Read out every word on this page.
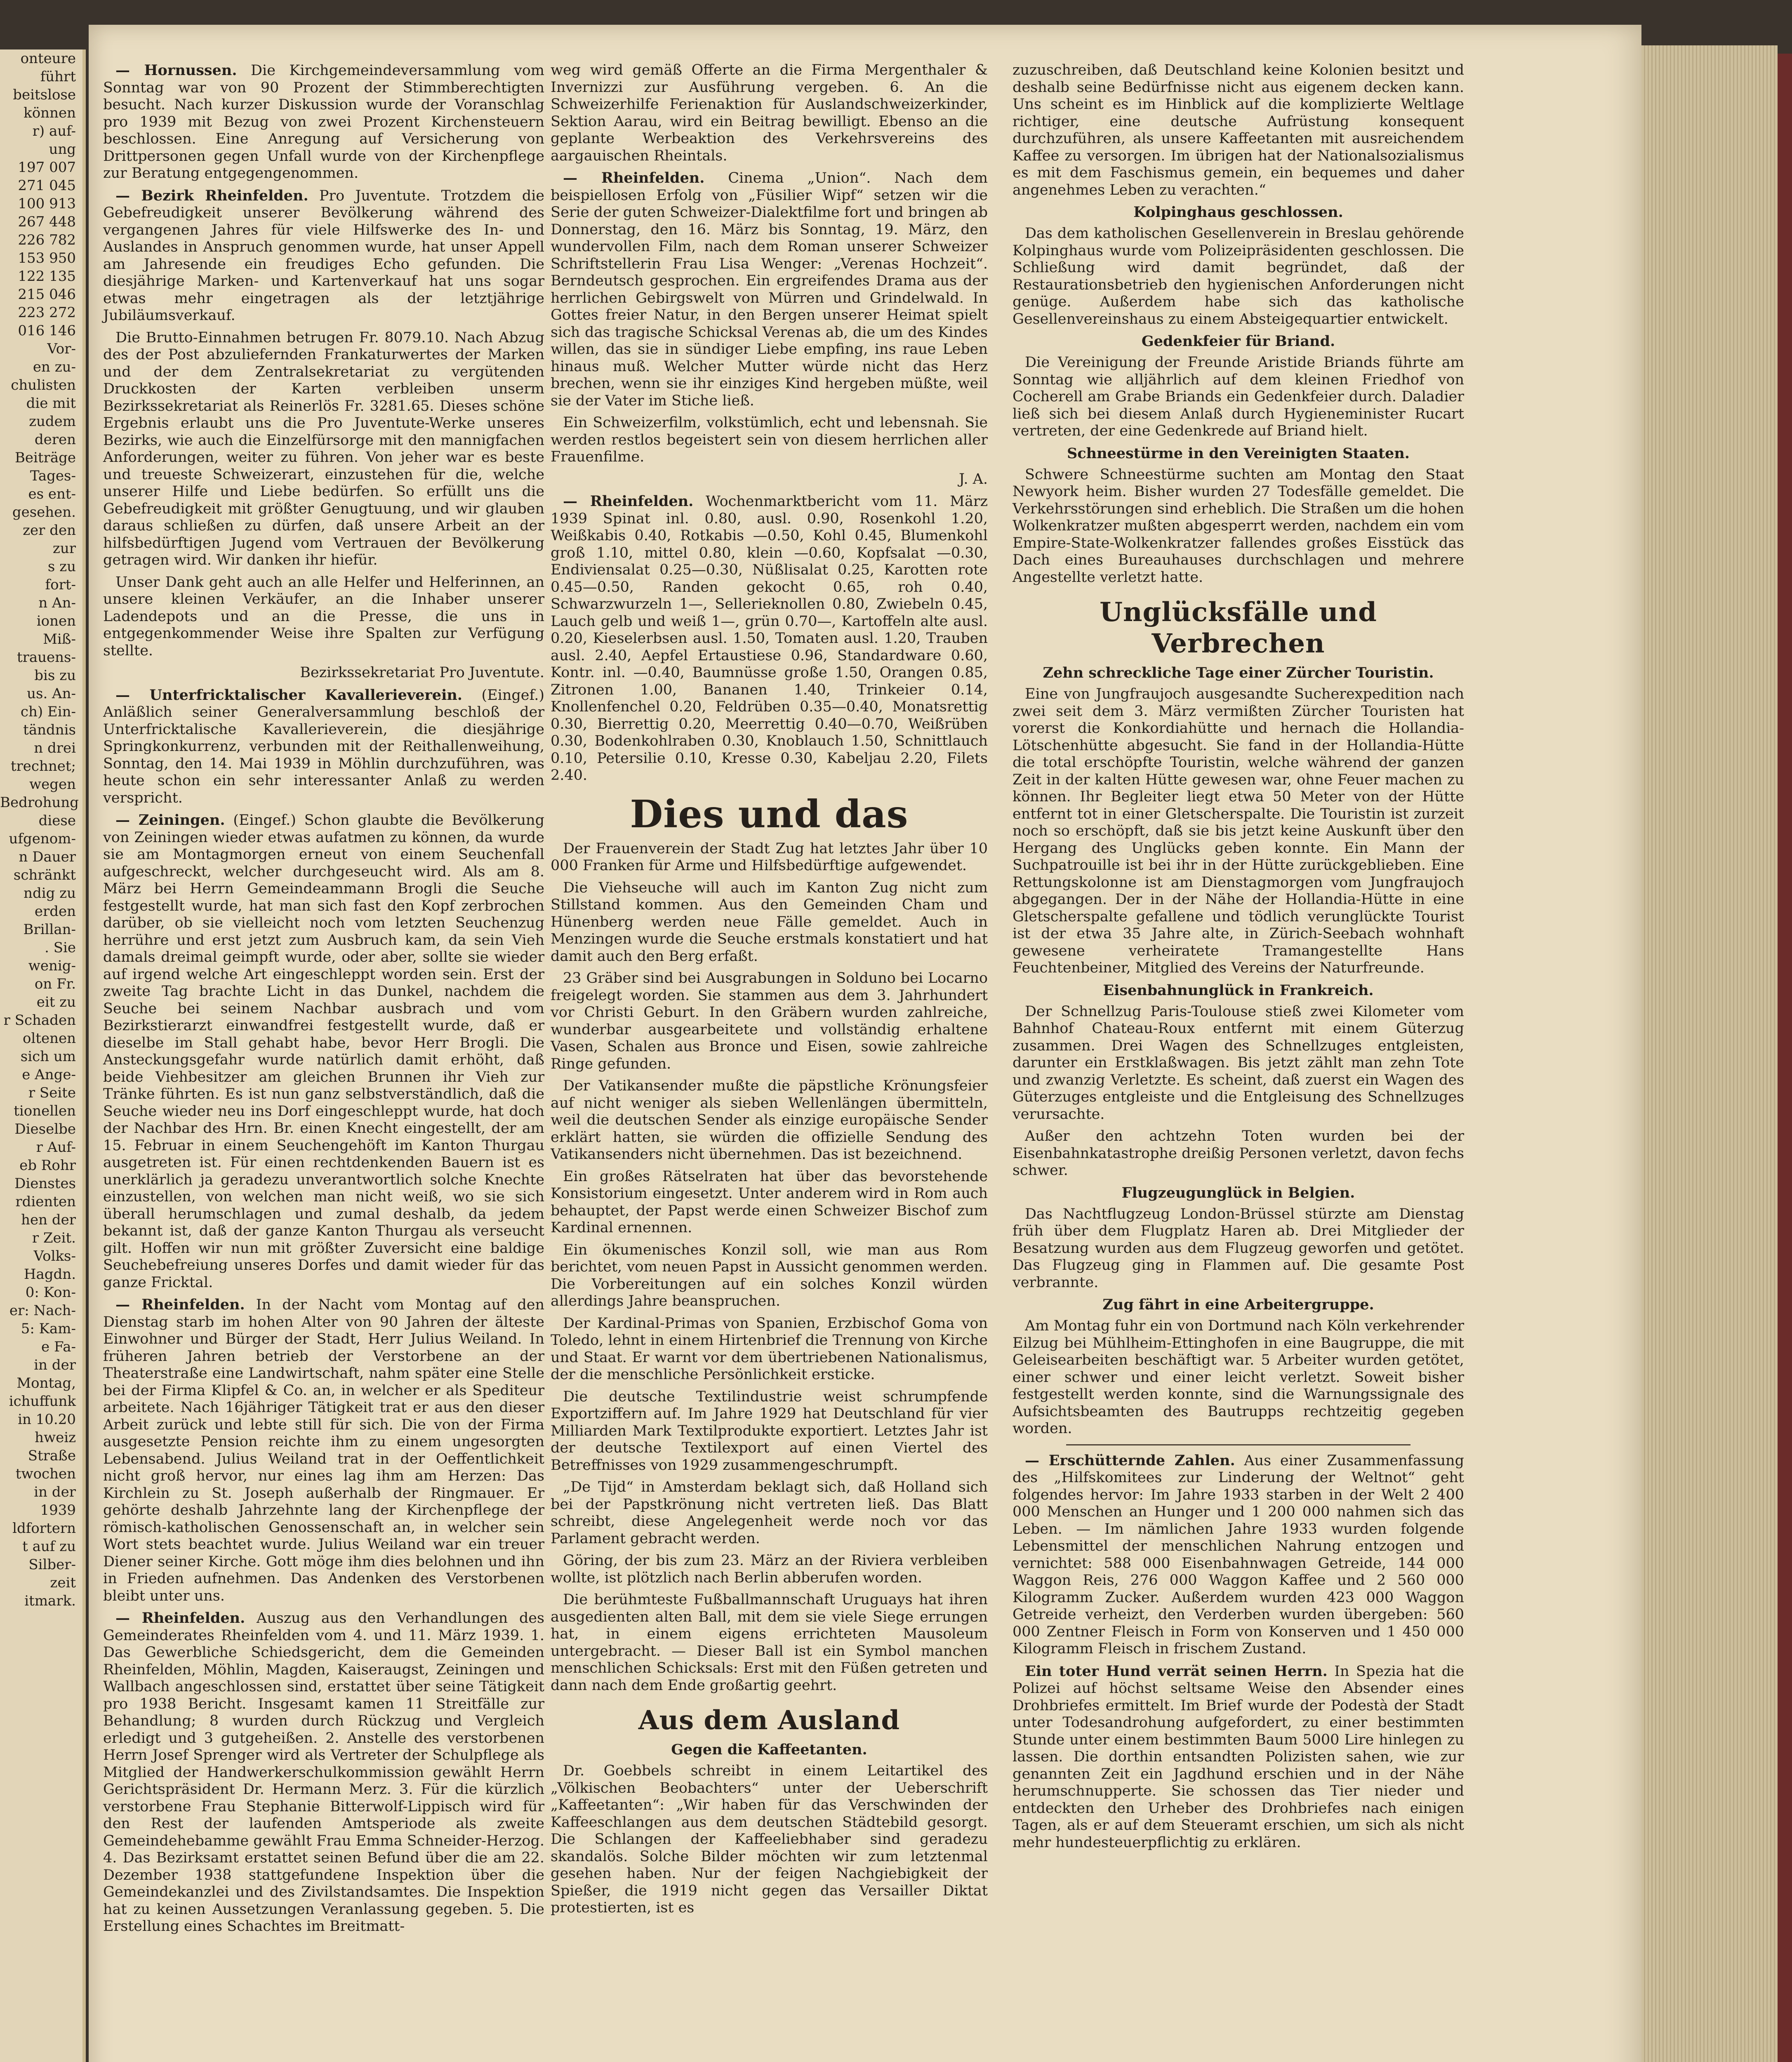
onteure
führt
beitslose
können
r) auf-
ung
197 007
271 045
100 913
267 448
226 782
153 950
122 135
215 046
223 272
016 146
Vor-
en zu-
chulisten
die mit
zudem
deren
Beiträge
Tages-
es ent-
gesehen.
zer den
zur
s zu
fort-
n An-
ionen
Miß-
trauens-
bis zu
us. An-
ch) Ein-
tändnis
n drei
trechnet;
wegen
Bedrohung
diese
ufgenom-
n Dauer
schränkt
ndig zu
erden
Brillan-
. Sie
wenig-
on Fr.
eit zu
r Schaden
oltenen
sich um
e Ange-
r Seite
tionellen
Dieselbe
r Auf-
eb Rohr
Dienstes
rdienten
hen der
r Zeit.
Volks-
Hagdn.
0: Kon-
er: Nach-
5: Kam-
e Fa-
in der
Montag,
ichuffunk
in 10.20
hweiz
Straße
twochen
in der
1939
ldfortern
t auf zu
Silber-
zeit
itmark.

— Hornussen. Die Kirchgemeindeversammlung vom Sonntag war von 90 Prozent der Stimmberechtigten besucht. Nach kurzer Diskussion wurde der Voranschlag pro 1939 mit Bezug von zwei Prozent Kirchensteuern beschlossen. Eine Anregung auf Versicherung von Drittpersonen gegen Unfall wurde von der Kirchenpflege zur Beratung entgegengenommen.

— Bezirk Rheinfelden. Pro Juventute. Trotzdem die Gebefreudigkeit unserer Bevölkerung während des vergangenen Jahres für viele Hilfswerke des In- und Auslandes in Anspruch genommen wurde, hat unser Appell am Jahresende ein freudiges Echo gefunden. Die diesjährige Marken- und Kartenverkauf hat uns sogar etwas mehr eingetragen als der letztjährige Jubiläumsverkauf.

Die Brutto-Einnahmen betrugen Fr. 8079.10. Nach Abzug des der Post abzuliefernden Frankaturwertes der Marken und der dem Zentralsekretariat zu vergütenden Druckkosten der Karten verbleiben unserm Bezirkssekretariat als Reinerlös Fr. 3281.65. Dieses schöne Ergebnis erlaubt uns die Pro Juventute-Werke unseres Bezirks, wie auch die Einzelfürsorge mit den mannigfachen Anforderungen, weiter zu führen. Von jeher war es beste und treueste Schweizerart, einzustehen für die, welche unserer Hilfe und Liebe bedürfen. So erfüllt uns die Gebefreudigkeit mit größter Genugtuung, und wir glauben daraus schließen zu dürfen, daß unsere Arbeit an der hilfsbedürftigen Jugend vom Vertrauen der Bevölkerung getragen wird. Wir danken ihr hiefür.

Unser Dank geht auch an alle Helfer und Helferinnen, an unsere kleinen Verkäufer, an die Inhaber unserer Ladendepots und an die Presse, die uns in entgegenkommender Weise ihre Spalten zur Verfügung stellte.

Bezirkssekretariat Pro Juventute.

— Unterfricktalischer Kavallerieverein. (Eingef.) Anläßlich seiner Generalversammlung beschloß der Unterfricktalische Kavallerieverein, die diesjährige Springkonkurrenz, verbunden mit der Reithallenweihung, Sonntag, den 14. Mai 1939 in Möhlin durchzuführen, was heute schon ein sehr interessanter Anlaß zu werden verspricht.

— Zeiningen. (Eingef.) Schon glaubte die Bevölkerung von Zeiningen wieder etwas aufatmen zu können, da wurde sie am Montagmorgen erneut von einem Seuchenfall aufgeschreckt, welcher durchgeseucht wird. Als am 8. März bei Herrn Gemeindeammann Brogli die Seuche festgestellt wurde, hat man sich fast den Kopf zerbrochen darüber, ob sie vielleicht noch vom letzten Seuchenzug herrühre und erst jetzt zum Ausbruch kam, da sein Vieh damals dreimal geimpft wurde, oder aber, sollte sie wieder auf irgend welche Art eingeschleppt worden sein. Erst der zweite Tag brachte Licht in das Dunkel, nachdem die Seuche bei seinem Nachbar ausbrach und vom Bezirkstierarzt einwandfrei festgestellt wurde, daß er dieselbe im Stall gehabt habe, bevor Herr Brogli. Die Ansteckungsgefahr wurde natürlich damit erhöht, daß beide Viehbesitzer am gleichen Brunnen ihr Vieh zur Tränke führten. Es ist nun ganz selbstverständlich, daß die Seuche wieder neu ins Dorf eingeschleppt wurde, hat doch der Nachbar des Hrn. Br. einen Knecht eingestellt, der am 15. Februar in einem Seuchengehöft im Kanton Thurgau ausgetreten ist. Für einen rechtdenkenden Bauern ist es unerklärlich ja geradezu unverantwortlich solche Knechte einzustellen, von welchen man nicht weiß, wo sie sich überall herumschlagen und zumal deshalb, da jedem bekannt ist, daß der ganze Kanton Thurgau als verseucht gilt. Hoffen wir nun mit größter Zuversicht eine baldige Seuchebefreiung unseres Dorfes und damit wieder für das ganze Fricktal.

— Rheinfelden. In der Nacht vom Montag auf den Dienstag starb im hohen Alter von 90 Jahren der älteste Einwohner und Bürger der Stadt, Herr Julius Weiland. In früheren Jahren betrieb der Verstorbene an der Theaterstraße eine Landwirtschaft, nahm später eine Stelle bei der Firma Klipfel & Co. an, in welcher er als Spediteur arbeitete. Nach 16jähriger Tätigkeit trat er aus den dieser Arbeit zurück und lebte still für sich. Die von der Firma ausgesetzte Pension reichte ihm zu einem ungesorgten Lebensabend. Julius Weiland trat in der Oeffentlichkeit nicht groß hervor, nur eines lag ihm am Herzen: Das Kirchlein zu St. Joseph außerhalb der Ringmauer. Er gehörte deshalb Jahrzehnte lang der Kirchenpflege der römisch-katholischen Genossenschaft an, in welcher sein Wort stets beachtet wurde. Julius Weiland war ein treuer Diener seiner Kirche. Gott möge ihm dies belohnen und ihn in Frieden aufnehmen. Das Andenken des Verstorbenen bleibt unter uns.

— Rheinfelden. Auszug aus den Verhandlungen des Gemeinderates Rheinfelden vom 4. und 11. März 1939. 1. Das Gewerbliche Schiedsgericht, dem die Gemeinden Rheinfelden, Möhlin, Magden, Kaiseraugst, Zeiningen und Wallbach angeschlossen sind, erstattet über seine Tätigkeit pro 1938 Bericht. Insgesamt kamen 11 Streitfälle zur Behandlung; 8 wurden durch Rückzug und Vergleich erledigt und 3 gutgeheißen. 2. Anstelle des verstorbenen Herrn Josef Sprenger wird als Vertreter der Schulpflege als Mitglied der Handwerkerschulkommission gewählt Herrn Gerichtspräsident Dr. Hermann Merz. 3. Für die kürzlich verstorbene Frau Stephanie Bitterwolf-Lippisch wird für den Rest der laufenden Amtsperiode als zweite Gemeindehebamme gewählt Frau Emma Schneider-Herzog. 4. Das Bezirksamt erstattet seinen Befund über die am 22. Dezember 1938 stattgefundene Inspektion über die Gemeindekanzlei und des Zivilstandsamtes. Die Inspektion hat zu keinen Aussetzungen Veranlassung gegeben. 5. Die Erstellung eines Schachtes im Breitmatt-

weg wird gemäß Offerte an die Firma Mergenthaler & Invernizzi zur Ausführung vergeben. 6. An die Schweizerhilfe Ferienaktion für Auslandschweizerkinder, Sektion Aarau, wird ein Beitrag bewilligt. Ebenso an die geplante Werbeaktion des Verkehrsvereins des aargauischen Rheintals.

— Rheinfelden. Cinema „Union“. Nach dem beispiellosen Erfolg von „Füsilier Wipf“ setzen wir die Serie der guten Schweizer-Dialektfilme fort und bringen ab Donnerstag, den 16. März bis Sonntag, 19. März, den wundervollen Film, nach dem Roman unserer Schweizer Schriftstellerin Frau Lisa Wenger: „Verenas Hochzeit“. Berndeutsch gesprochen. Ein ergreifendes Drama aus der herrlichen Gebirgswelt von Mürren und Grindelwald. In Gottes freier Natur, in den Bergen unserer Heimat spielt sich das tragische Schicksal Verenas ab, die um des Kindes willen, das sie in sündiger Liebe empfing, ins raue Leben hinaus muß. Welcher Mutter würde nicht das Herz brechen, wenn sie ihr einziges Kind hergeben müßte, weil sie der Vater im Stiche ließ.

Ein Schweizerfilm, volkstümlich, echt und lebensnah. Sie werden restlos begeistert sein von diesem herrlichen aller Frauenfilme.

J. A.

— Rheinfelden. Wochenmarktbericht vom 11. März 1939 Spinat inl. 0.80, ausl. 0.90, Rosenkohl 1.20, Weißkabis 0.40, Rotkabis —0.50, Kohl 0.45, Blumenkohl groß 1.10, mittel 0.80, klein —0.60, Kopfsalat —0.30, Endiviensalat 0.25—0.30, Nüßlisalat 0.25, Karotten rote 0.45—0.50, Randen gekocht 0.65, roh 0.40, Schwarzwurzeln 1—, Sellerieknollen 0.80, Zwiebeln 0.45, Lauch gelb und weiß 1—, grün 0.70—, Kartoffeln alte ausl. 0.20, Kieselerbsen ausl. 1.50, Tomaten ausl. 1.20, Trauben ausl. 2.40, Aepfel Ertaustiese 0.96, Standardware 0.60, Kontr. inl. —0.40, Baumnüsse große 1.50, Orangen 0.85, Zitronen 1.00, Bananen 1.40, Trinkeier 0.14, Knollenfenchel 0.20, Feldrüben 0.35—0.40, Monatsrettig 0.30, Bierrettig 0.20, Meerrettig 0.40—0.70, Weißrüben 0.30, Bodenkohlraben 0.30, Knoblauch 1.50, Schnittlauch 0.10, Petersilie 0.10, Kresse 0.30, Kabeljau 2.20, Filets 2.40.

Dies und das

Der Frauenverein der Stadt Zug hat letztes Jahr über 10 000 Franken für Arme und Hilfsbedürftige aufgewendet.

Die Viehseuche will auch im Kanton Zug nicht zum Stillstand kommen. Aus den Gemeinden Cham und Hünenberg werden neue Fälle gemeldet. Auch in Menzingen wurde die Seuche erstmals konstatiert und hat damit auch den Berg erfaßt.

23 Gräber sind bei Ausgrabungen in Solduno bei Locarno freigelegt worden. Sie stammen aus dem 3. Jahrhundert vor Christi Geburt. In den Gräbern wurden zahlreiche, wunderbar ausgearbeitete und vollständig erhaltene Vasen, Schalen aus Bronce und Eisen, sowie zahlreiche Ringe gefunden.

Der Vatikansender mußte die päpstliche Krönungsfeier auf nicht weniger als sieben Wellenlängen übermitteln, weil die deutschen Sender als einzige europäische Sender erklärt hatten, sie würden die offizielle Sendung des Vatikansenders nicht übernehmen. Das ist bezeichnend.

Ein großes Rätselraten hat über das bevorstehende Konsistorium eingesetzt. Unter anderem wird in Rom auch behauptet, der Papst werde einen Schweizer Bischof zum Kardinal ernennen.

Ein ökumenisches Konzil soll, wie man aus Rom berichtet, vom neuen Papst in Aussicht genommen werden. Die Vorbereitungen auf ein solches Konzil würden allerdings Jahre beanspruchen.

Der Kardinal-Primas von Spanien, Erzbischof Goma von Toledo, lehnt in einem Hirtenbrief die Trennung von Kirche und Staat. Er warnt vor dem übertriebenen Nationalismus, der die menschliche Persönlichkeit ersticke.

Die deutsche Textilindustrie weist schrumpfende Exportziffern auf. Im Jahre 1929 hat Deutschland für vier Milliarden Mark Textilprodukte exportiert. Letztes Jahr ist der deutsche Textilexport auf einen Viertel des Betreffnisses von 1929 zusammengeschrumpft.

„De Tijd“ in Amsterdam beklagt sich, daß Holland sich bei der Papstkrönung nicht vertreten ließ. Das Blatt schreibt, diese Angelegenheit werde noch vor das Parlament gebracht werden.

Göring, der bis zum 23. März an der Riviera verbleiben wollte, ist plötzlich nach Berlin abberufen worden.

Die berühmteste Fußballmannschaft Uruguays hat ihren ausgedienten alten Ball, mit dem sie viele Siege errungen hat, in einem eigens errichteten Mausoleum untergebracht. — Dieser Ball ist ein Symbol manchen menschlichen Schicksals: Erst mit den Füßen getreten und dann nach dem Ende großartig geehrt.

Aus dem Ausland
Gegen die Kaffeetanten.

Dr. Goebbels schreibt in einem Leitartikel des „Völkischen Beobachters“ unter der Ueberschrift „Kaffeetanten“: „Wir haben für das Verschwinden der Kaffeeschlangen aus dem deutschen Städtebild gesorgt. Die Schlangen der Kaffeeliebhaber sind geradezu skandalös. Solche Bilder möchten wir zum letztenmal gesehen haben. Nur der feigen Nachgiebigkeit der Spießer, die 1919 nicht gegen das Versailler Diktat protestierten, ist es

zuzuschreiben, daß Deutschland keine Kolonien besitzt und deshalb seine Bedürfnisse nicht aus eigenem decken kann. Uns scheint es im Hinblick auf die komplizierte Weltlage richtiger, eine deutsche Aufrüstung konsequent durchzuführen, als unsere Kaffeetanten mit ausreichendem Kaffee zu versorgen. Im übrigen hat der Nationalsozialismus es mit dem Faschismus gemein, ein bequemes und daher angenehmes Leben zu verachten.“

Kolpinghaus geschlossen.

Das dem katholischen Gesellenverein in Breslau gehörende Kolpinghaus wurde vom Polizeipräsidenten geschlossen. Die Schließung wird damit begründet, daß der Restaurationsbetrieb den hygienischen Anforderungen nicht genüge. Außerdem habe sich das katholische Gesellenvereinshaus zu einem Absteigequartier entwickelt.

Gedenkfeier für Briand.

Die Vereinigung der Freunde Aristide Briands führte am Sonntag wie alljährlich auf dem kleinen Friedhof von Cocherell am Grabe Briands ein Gedenkfeier durch. Daladier ließ sich bei diesem Anlaß durch Hygieneminister Rucart vertreten, der eine Gedenkrede auf Briand hielt.

Schneestürme in den Vereinigten Staaten.

Schwere Schneestürme suchten am Montag den Staat Newyork heim. Bisher wurden 27 Todesfälle gemeldet. Die Verkehrsstörungen sind erheblich. Die Straßen um die hohen Wolkenkratzer mußten abgesperrt werden, nachdem ein vom Empire-State-Wolkenkratzer fallendes großes Eisstück das Dach eines Bureauhauses durchschlagen und mehrere Angestellte verletzt hatte.

Unglücksfälle und Verbrechen
Zehn schreckliche Tage einer Zürcher Touristin.

Eine von Jungfraujoch ausgesandte Sucherexpedition nach zwei seit dem 3. März vermißten Zürcher Touristen hat vorerst die Konkordiahütte und hernach die Hollandia-Lötschenhütte abgesucht. Sie fand in der Hollandia-Hütte die total erschöpfte Touristin, welche während der ganzen Zeit in der kalten Hütte gewesen war, ohne Feuer machen zu können. Ihr Begleiter liegt etwa 50 Meter von der Hütte entfernt tot in einer Gletscherspalte. Die Touristin ist zurzeit noch so erschöpft, daß sie bis jetzt keine Auskunft über den Hergang des Unglücks geben konnte. Ein Mann der Suchpatrouille ist bei ihr in der Hütte zurückgeblieben. Eine Rettungskolonne ist am Dienstagmorgen vom Jungfraujoch abgegangen. Der in der Nähe der Hollandia-Hütte in eine Gletscherspalte gefallene und tödlich verunglückte Tourist ist der etwa 35 Jahre alte, in Zürich-Seebach wohnhaft gewesene verheiratete Tramangestellte Hans Feuchtenbeiner, Mitglied des Vereins der Naturfreunde.

Eisenbahnunglück in Frankreich.

Der Schnellzug Paris-Toulouse stieß zwei Kilometer vom Bahnhof Chateau-Roux entfernt mit einem Güterzug zusammen. Drei Wagen des Schnellzuges entgleisten, darunter ein Erstklaßwagen. Bis jetzt zählt man zehn Tote und zwanzig Verletzte. Es scheint, daß zuerst ein Wagen des Güterzuges entgleiste und die Entgleisung des Schnellzuges verursachte.

Außer den achtzehn Toten wurden bei der Eisenbahnkatastrophe dreißig Personen verletzt, davon fechs schwer.

Flugzeugunglück in Belgien.

Das Nachtflugzeug London-Brüssel stürzte am Dienstag früh über dem Flugplatz Haren ab. Drei Mitglieder der Besatzung wurden aus dem Flugzeug geworfen und getötet. Das Flugzeug ging in Flammen auf. Die gesamte Post verbrannte.

Zug fährt in eine Arbeitergruppe.

Am Montag fuhr ein von Dortmund nach Köln verkehrender Eilzug bei Mühlheim-Ettinghofen in eine Baugruppe, die mit Geleisearbeiten beschäftigt war. 5 Arbeiter wurden getötet, einer schwer und einer leicht verletzt. Soweit bisher festgestellt werden konnte, sind die Warnungssignale des Aufsichtsbeamten des Bautrupps rechtzeitig gegeben worden.

— Erschütternde Zahlen. Aus einer Zusammenfassung des „Hilfskomitees zur Linderung der Weltnot“ geht folgendes hervor: Im Jahre 1933 starben in der Welt 2 400 000 Menschen an Hunger und 1 200 000 nahmen sich das Leben. — Im nämlichen Jahre 1933 wurden folgende Lebensmittel der menschlichen Nahrung entzogen und vernichtet: 588 000 Eisenbahnwagen Getreide, 144 000 Waggon Reis, 276 000 Waggon Kaffee und 2 560 000 Kilogramm Zucker. Außerdem wurden 423 000 Waggon Getreide verheizt, den Verderben wurden übergeben: 560 000 Zentner Fleisch in Form von Konserven und 1 450 000 Kilogramm Fleisch in frischem Zustand.

Ein toter Hund verrät seinen Herrn. In Spezia hat die Polizei auf höchst seltsame Weise den Absender eines Drohbriefes ermittelt. Im Brief wurde der Podestà der Stadt unter Todesandrohung aufgefordert, zu einer bestimmten Stunde unter einem bestimmten Baum 5000 Lire hinlegen zu lassen. Die dorthin entsandten Polizisten sahen, wie zur genannten Zeit ein Jagdhund erschien und in der Nähe herumschnupperte. Sie schossen das Tier nieder und entdeckten den Urheber des Drohbriefes nach einigen Tagen, als er auf dem Steueramt erschien, um sich als nicht mehr hundesteuerpflichtig zu erklären.
